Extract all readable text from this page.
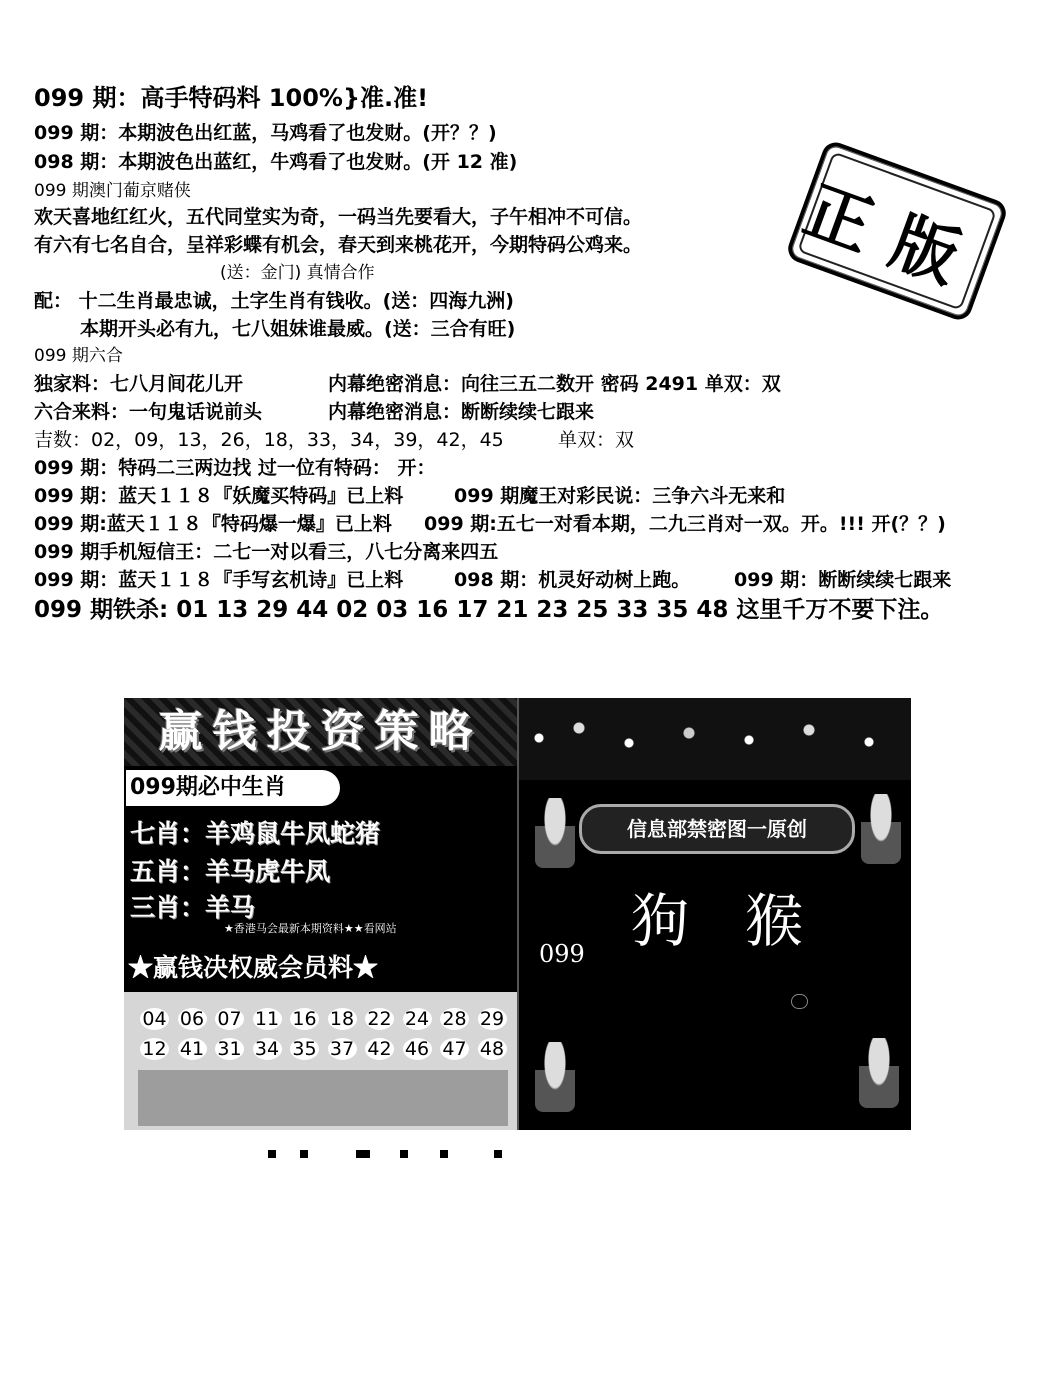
099 期：高手特码料 100%}准.准!
099 期：本期波色出红蓝，马鸡看了也发财。(开？？)
098 期：本期波色出蓝红，牛鸡看了也发财。(开 12 准)
099 期澳门葡京赌侠
欢天喜地红红火，五代同堂实为奇，一码当先要看大，子午相冲不可信。
有六有七名自合，呈祥彩蝶有机会，春天到来桃花开，今期特码公鸡来。
(送：金门) 真情合作
配： 十二生肖最忠诚，土字生肖有钱收。(送：四海九洲)
本期开头必有九，七八姐妹谁最威。(送：三合有旺)
099 期六合
独家料：七八月间花儿开	内幕绝密消息：向往三五二数开 密码 2491 单双：双
六合来料：一句鬼话说前头	内幕绝密消息：断断续续七跟来
吉数：02，09，13，26，18，33，34，39，42，45	单双：双
099 期：特码二三两边找 过一位有特码： 开：
099 期：蓝天１１８『妖魔买特码』已上料	099 期魔王对彩民说：三争六斗无来和
099 期:蓝天１１８『特码爆一爆』已上料 099 期:五七一对看本期，二九三肖对一双。开。!!! 开(？？)
099 期手机短信王：二七一对以看三，八七分离来四五
099 期：蓝天１１８『手写玄机诗』已上料	098 期：机灵好动树上跑。 099 期：断断续续七跟来
099 期铁杀: 01 13 29 44 02 03 16 17 21 23 25 33 35 48 这里千万不要下注。
正版
赢钱投资策略
099期必中生肖
七肖：羊鸡鼠牛凤蛇猪
五肖：羊马虎牛凤
三肖：羊马
★香港马会最新本期资料★★看网站
★赢钱决权威会员料★
04 06 07 11 16 18 22 24 28 29
12 41 31 34 35 37 42 46 47 48
信息部禁密图一原创
狗猴
099
